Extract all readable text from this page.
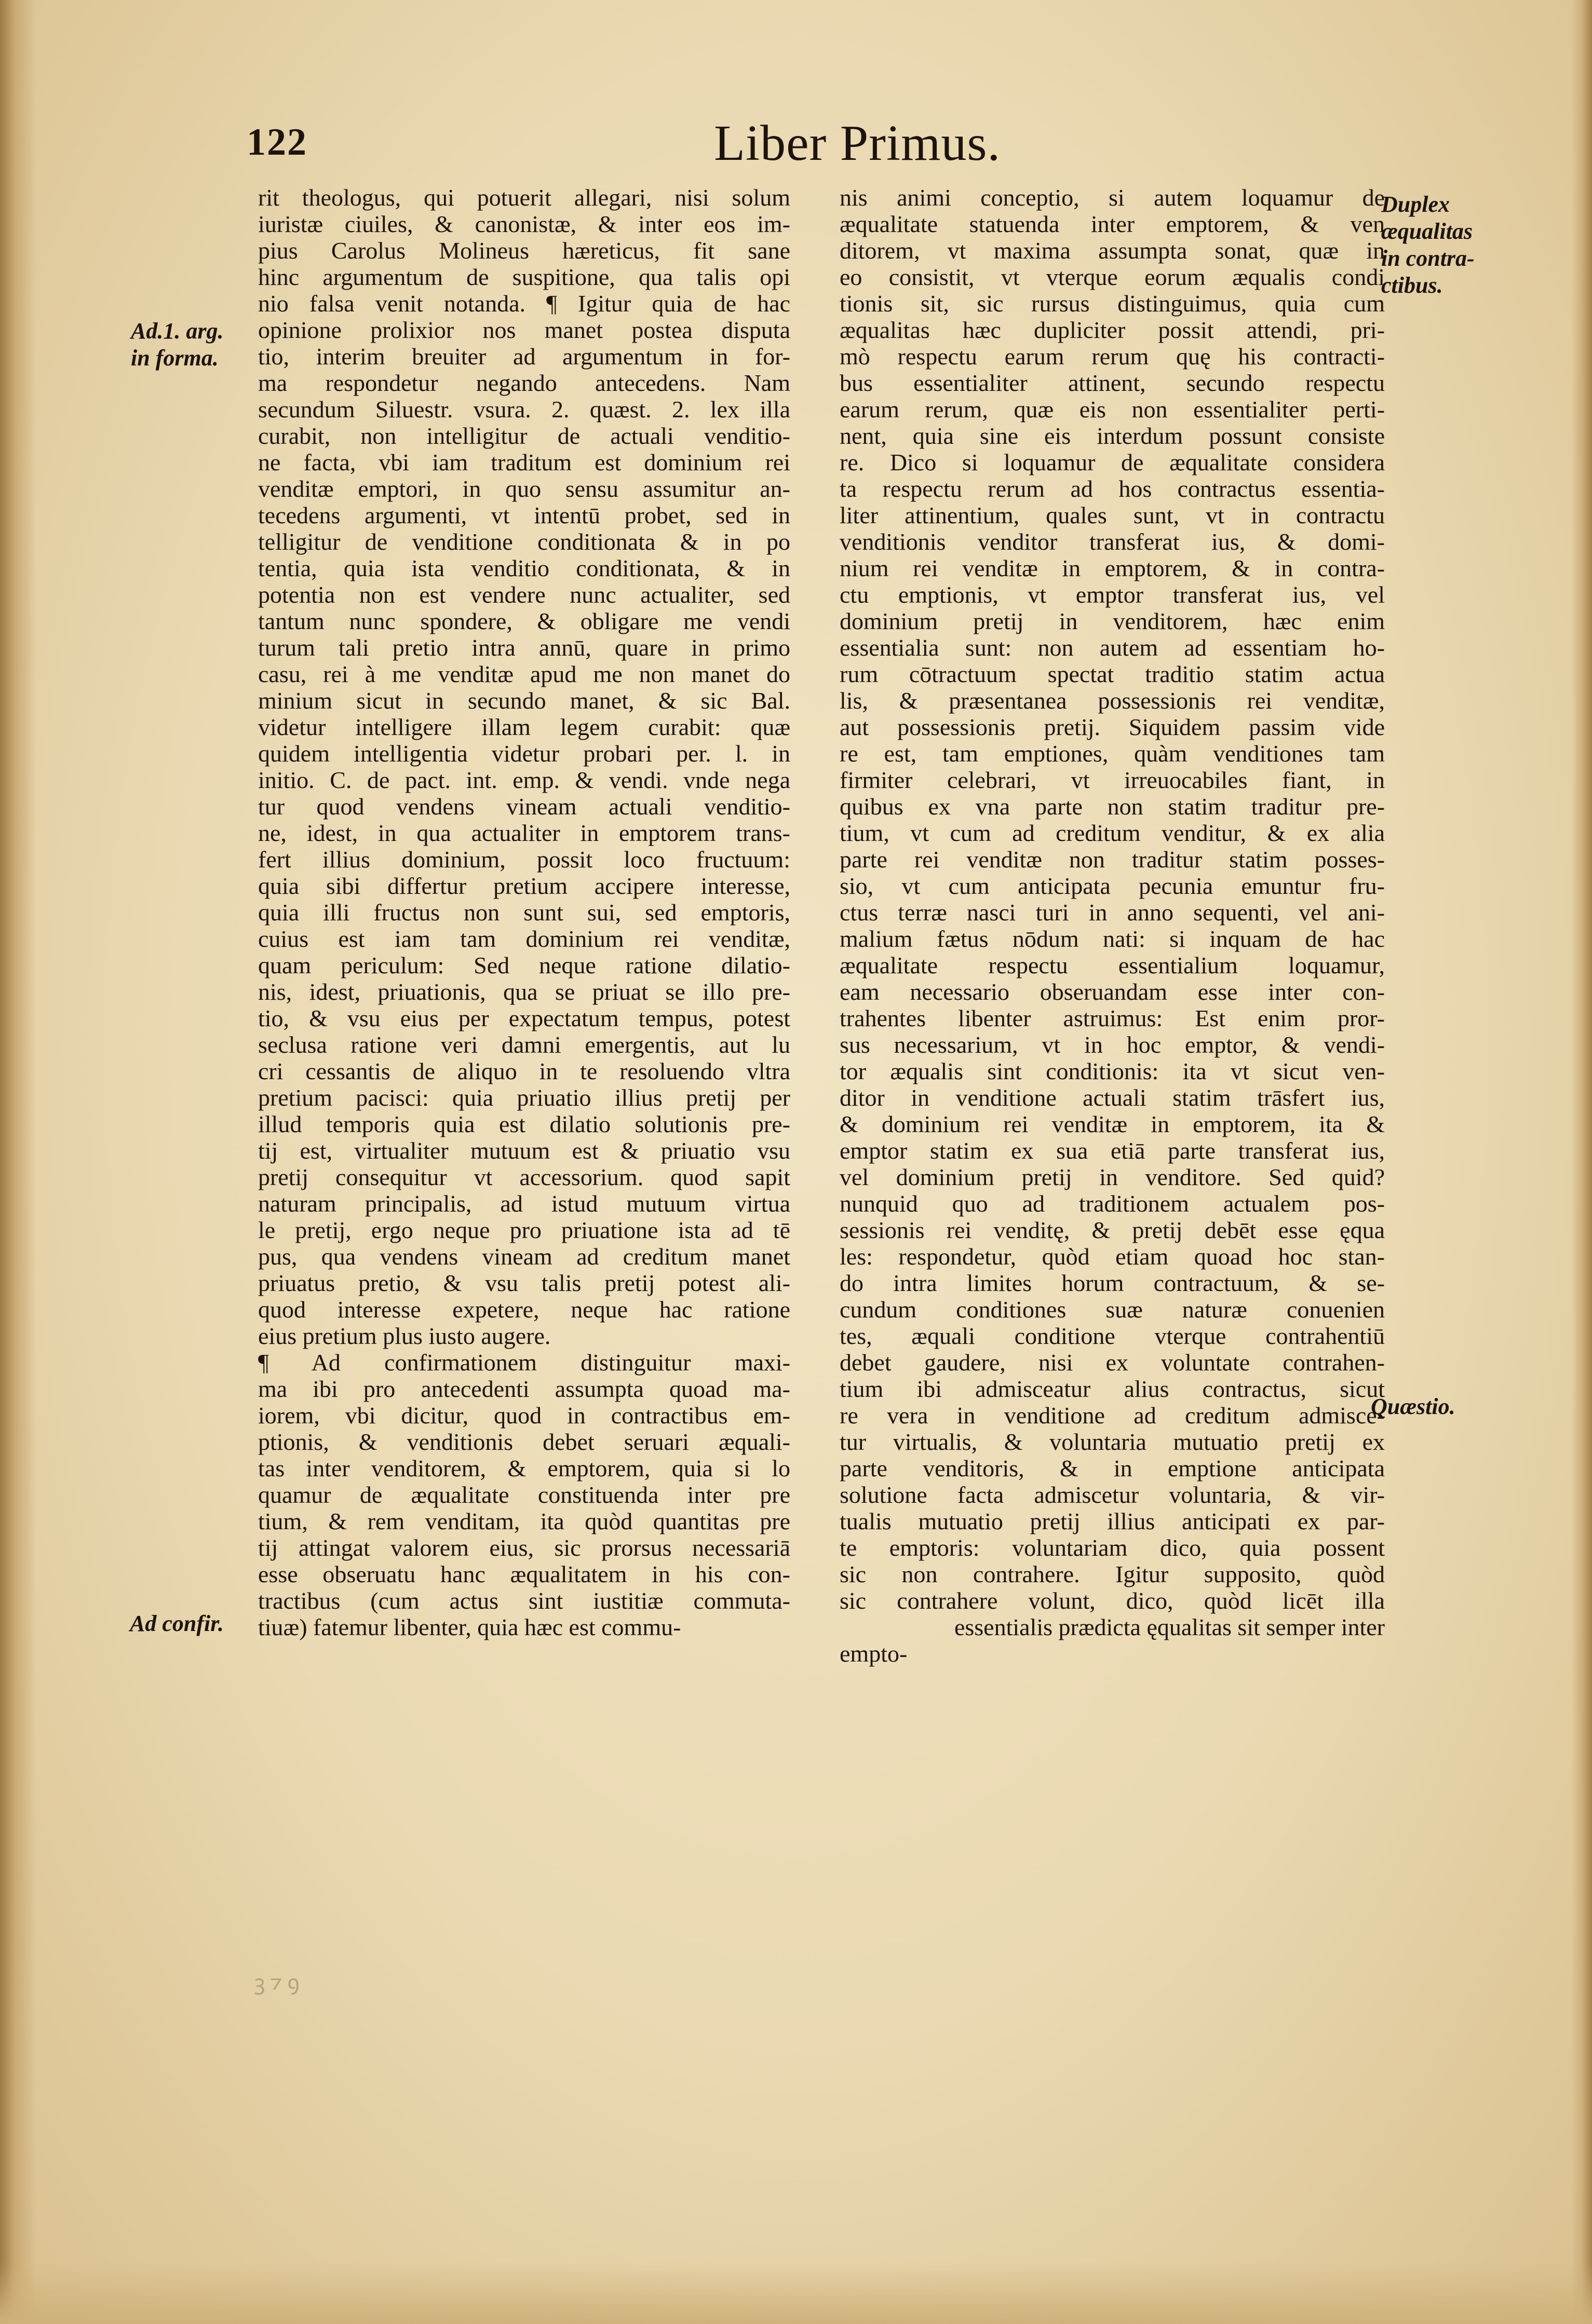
122	Liber Primus.
Ad.1. arg.
in forma.
Ad confir.
Duplex
æqualitas
in contra-
ctibus.
Quæstio.
rit theologus, qui potuerit allegari, nisi solum
iuristæ ciuiles, & canonistæ, & inter eos im-
pius Carolus Molineus hæreticus, fit sane
hinc argumentum de suspitione, qua talis opi
nio falsa venit notanda. ¶ Igitur quia de hac
opinione prolixior nos manet postea disputa
tio, interim breuiter ad argumentum in for-
ma respondetur negando antecedens. Nam
secundum Siluestr. vsura. 2. quæst. 2. lex illa
curabit, non intelligitur de actuali venditio-
ne facta, vbi iam traditum est dominium rei
venditæ emptori, in quo sensu assumitur an-
tecedens argumenti, vt intentū probet, sed in
telligitur de venditione conditionata & in po
tentia, quia ista venditio conditionata, & in
potentia non est vendere nunc actualiter, sed
tantum nunc spondere, & obligare me vendi
turum tali pretio intra annū, quare in primo
casu, rei à me venditæ apud me non manet do
minium sicut in secundo manet, & sic Bal.
videtur intelligere illam legem curabit: quæ
quidem intelligentia videtur probari per. l. in
initio. C. de pact. int. emp. & vendi. vnde nega
tur quod vendens vineam actuali venditio-
ne, idest, in qua actualiter in emptorem trans-
fert illius dominium, possit loco fructuum:
quia sibi differtur pretium accipere interesse,
quia illi fructus non sunt sui, sed emptoris,
cuius est iam tam dominium rei venditæ,
quam periculum: Sed neque ratione dilatio-
nis, idest, priuationis, qua se priuat se illo pre-
tio, & vsu eius per expectatum tempus, potest
seclusa ratione veri damni emergentis, aut lu
cri cessantis de aliquo in te resoluendo vltra
pretium pacisci: quia priuatio illius pretij per
illud temporis quia est dilatio solutionis pre-
tij est, virtualiter mutuum est & priuatio vsu
pretij consequitur vt accessorium. quod sapit
naturam principalis, ad istud mutuum virtua
le pretij, ergo neque pro priuatione ista ad tē
pus, qua vendens vineam ad creditum manet
priuatus pretio, & vsu talis pretij potest ali-
quod interesse expetere, neque hac ratione
eius pretium plus iusto augere.
¶ Ad confirmationem distinguitur maxi-
ma ibi pro antecedenti assumpta quoad ma-
iorem, vbi dicitur, quod in contractibus em-
ptionis, & venditionis debet seruari æquali-
tas inter venditorem, & emptorem, quia si lo
quamur de æqualitate constituenda inter pre
tium, & rem venditam, ita quòd quantitas pre
tij attingat valorem eius, sic prorsus necessariā
esse obseruatu hanc æqualitatem in his con-
tractibus (cum actus sint iustitiæ commuta-
tiuæ) fatemur libenter, quia hæc est commu-
nis animi conceptio, si autem loquamur de
æqualitate statuenda inter emptorem, & ven
ditorem, vt maxima assumpta sonat, quæ in
eo consistit, vt vterque eorum æqualis condi
tionis sit, sic rursus distinguimus, quia cum
æqualitas hæc dupliciter possit attendi, pri-
mò respectu earum rerum quę his contracti-
bus essentialiter attinent, secundo respectu
earum rerum, quæ eis non essentialiter perti-
nent, quia sine eis interdum possunt consiste
re. Dico si loquamur de æqualitate considera
ta respectu rerum ad hos contractus essentia-
liter attinentium, quales sunt, vt in contractu
venditionis venditor transferat ius, & domi-
nium rei venditæ in emptorem, & in contra-
ctu emptionis, vt emptor transferat ius, vel
dominium pretij in venditorem, hæc enim
essentialia sunt: non autem ad essentiam ho-
rum cōtractuum spectat traditio statim actua
lis, & præsentanea possessionis rei venditæ,
aut possessionis pretij. Siquidem passim vide
re est, tam emptiones, quàm venditiones tam
firmiter celebrari, vt irreuocabiles fiant, in
quibus ex vna parte non statim traditur pre-
tium, vt cum ad creditum venditur, & ex alia
parte rei venditæ non traditur statim posses-
sio, vt cum anticipata pecunia emuntur fru-
ctus terræ nasci turi in anno sequenti, vel ani-
malium fætus nōdum nati: si inquam de hac
æqualitate respectu essentialium loquamur,
eam necessario obseruandam esse inter con-
trahentes libenter astruimus: Est enim pror-
sus necessarium, vt in hoc emptor, & vendi-
tor æqualis sint conditionis: ita vt sicut ven-
ditor in venditione actuali statim trāsfert ius,
& dominium rei venditæ in emptorem, ita &
emptor statim ex sua etiā parte transferat ius,
vel dominium pretij in venditore. Sed quid?
nunquid quo ad traditionem actualem pos-
sessionis rei venditę, & pretij debēt esse ęqua
les: respondetur, quòd etiam quoad hoc stan-
do intra limites horum contractuum, & se-
cundum conditiones suæ naturæ conuenien
tes, æquali conditione vterque contrahentiū
debet gaudere, nisi ex voluntate contrahen-
tium ibi admisceatur alius contractus, sicut
re vera in venditione ad creditum admisce-
tur virtualis, & voluntaria mutuatio pretij ex
parte venditoris, & in emptione anticipata
solutione facta admiscetur voluntaria, & vir-
tualis mutuatio pretij illius anticipati ex par-
te emptoris: voluntariam dico, quia possent
sic non contrahere. Igitur supposito, quòd
sic contrahere volunt, dico, quòd licēt illa
essentialis prædicta ęqualitas sit semper inter
empto-
ꝫ ⁊ ꝯ
